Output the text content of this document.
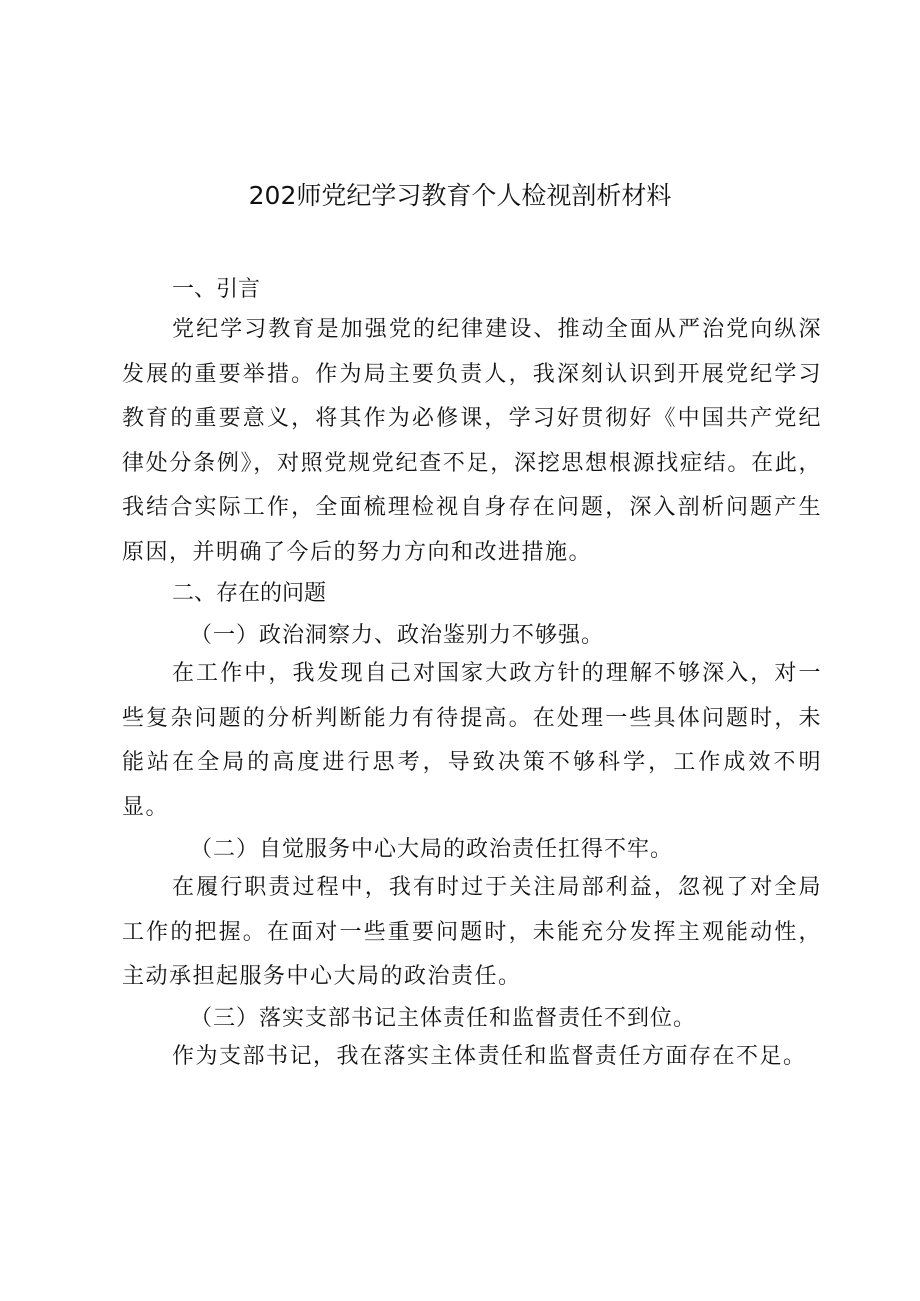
202师党纪学习教育个人检视剖析材料
一、引言
党纪学习教育是加强党的纪律建设、推动全面从严治党向纵深发展的重要举措。作为局主要负责人，我深刻认识到开展党纪学习教育的重要意义，将其作为必修课，学习好贯彻好《中国共产党纪律处分条例》，对照党规党纪查不足，深挖思想根源找症结。在此，我结合实际工作，全面梳理检视自身存在问题，深入剖析问题产生原因，并明确了今后的努力方向和改进措施。
二、存在的问题
（一）政治洞察力、政治鉴别力不够强。
在工作中，我发现自己对国家大政方针的理解不够深入，对一些复杂问题的分析判断能力有待提高。在处理一些具体问题时，未能站在全局的高度进行思考，导致决策不够科学，工作成效不明显。
（二）自觉服务中心大局的政治责任扛得不牢。
在履行职责过程中，我有时过于关注局部利益，忽视了对全局工作的把握。在面对一些重要问题时，未能充分发挥主观能动性，主动承担起服务中心大局的政治责任。
（三）落实支部书记主体责任和监督责任不到位。
作为支部书记，我在落实主体责任和监督责任方面存在不足。
